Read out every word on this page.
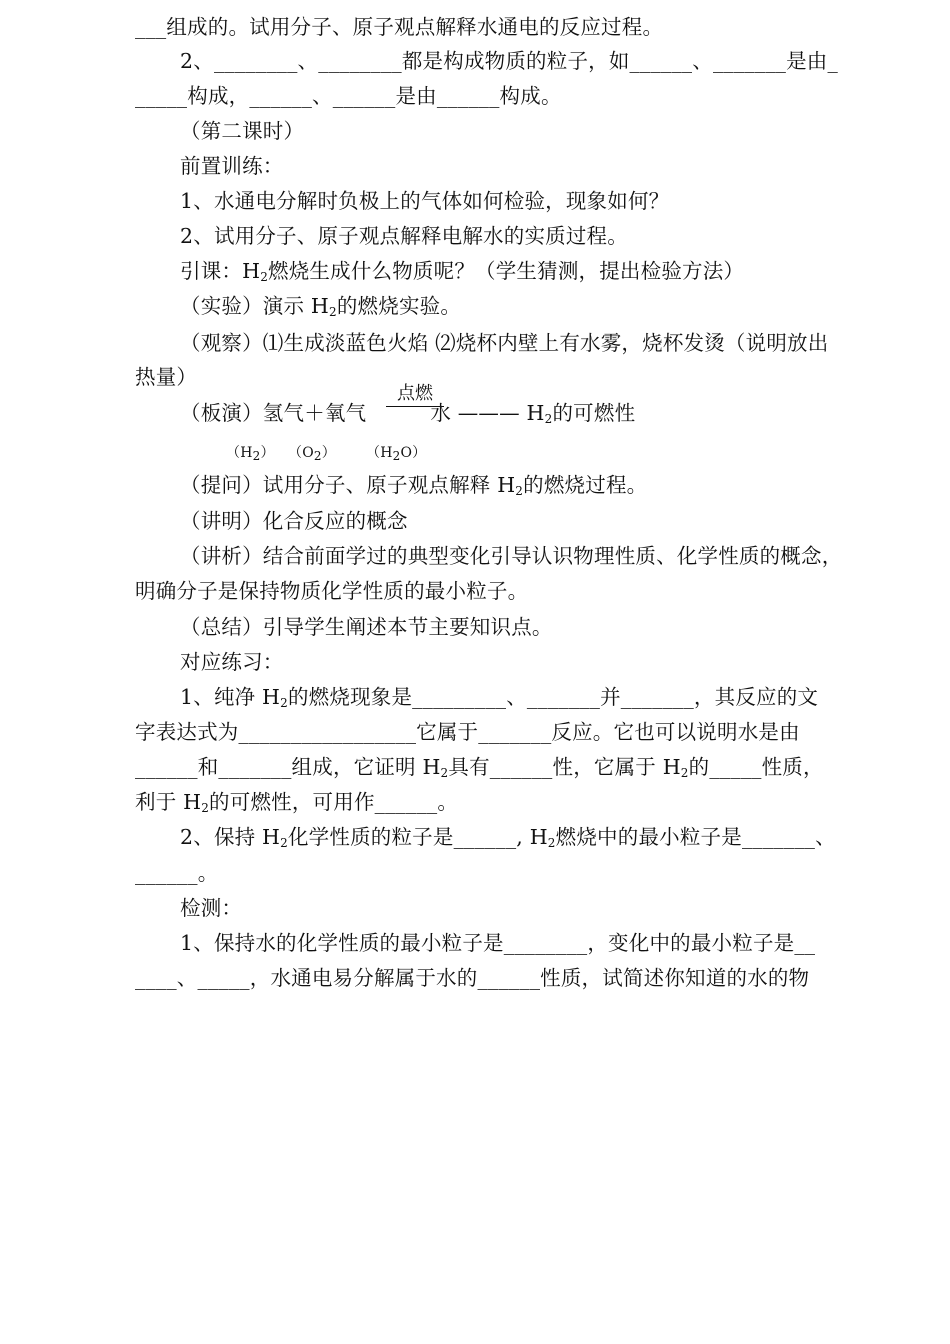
___组成的。试用分子、原子观点解释水通电的反应过程。
2、________、________都是构成物质的粒子，如______、_______是由_
_____构成，______、______是由______构成。
（第二课时）
前置训练：
1、水通电分解时负极上的气体如何检验，现象如何？
2、试用分子、原子观点解释电解水的实质过程。
引课：$H_2$燃烧生成什么物质呢？（学生猜测，提出检验方法）
（实验）演示 $H_2$的燃烧实验。
（观察）⑴生成淡蓝色火焰 ⑵烧杯内壁上有水雾，烧杯发烫（说明放出
热量）
（板演）氢气＋氧气	水 ——— $H_2$的可燃性
点燃
$(H_2)$ $(O_2)$ $(H_2O)$
（提问）试用分子、原子观点解释 $H_2$的燃烧过程。
（讲明）化合反应的概念
（讲析）结合前面学过的典型变化引导认识物理性质、化学性质的概念，
明确分子是保持物质化学性质的最小粒子。
（总结）引导学生阐述本节主要知识点。
对应练习：
1、纯净 $H_2$的燃烧现象是_________、_______并_______，其反应的文
字表达式为_________________它属于_______反应。它也可以说明水是由
______和_______组成，它证明 $H_2$具有______性，它属于 $H_2$的_____性质，
利于 $H_2$的可燃性，可用作______。
2、保持 $H_2$化学性质的粒子是______, $H_2$燃烧中的最小粒子是_______、
______。
检测：
1、保持水的化学性质的最小粒子是________，变化中的最小粒子是__
____、_____，水通电易分解属于水的______性质，试简述你知道的水的物
